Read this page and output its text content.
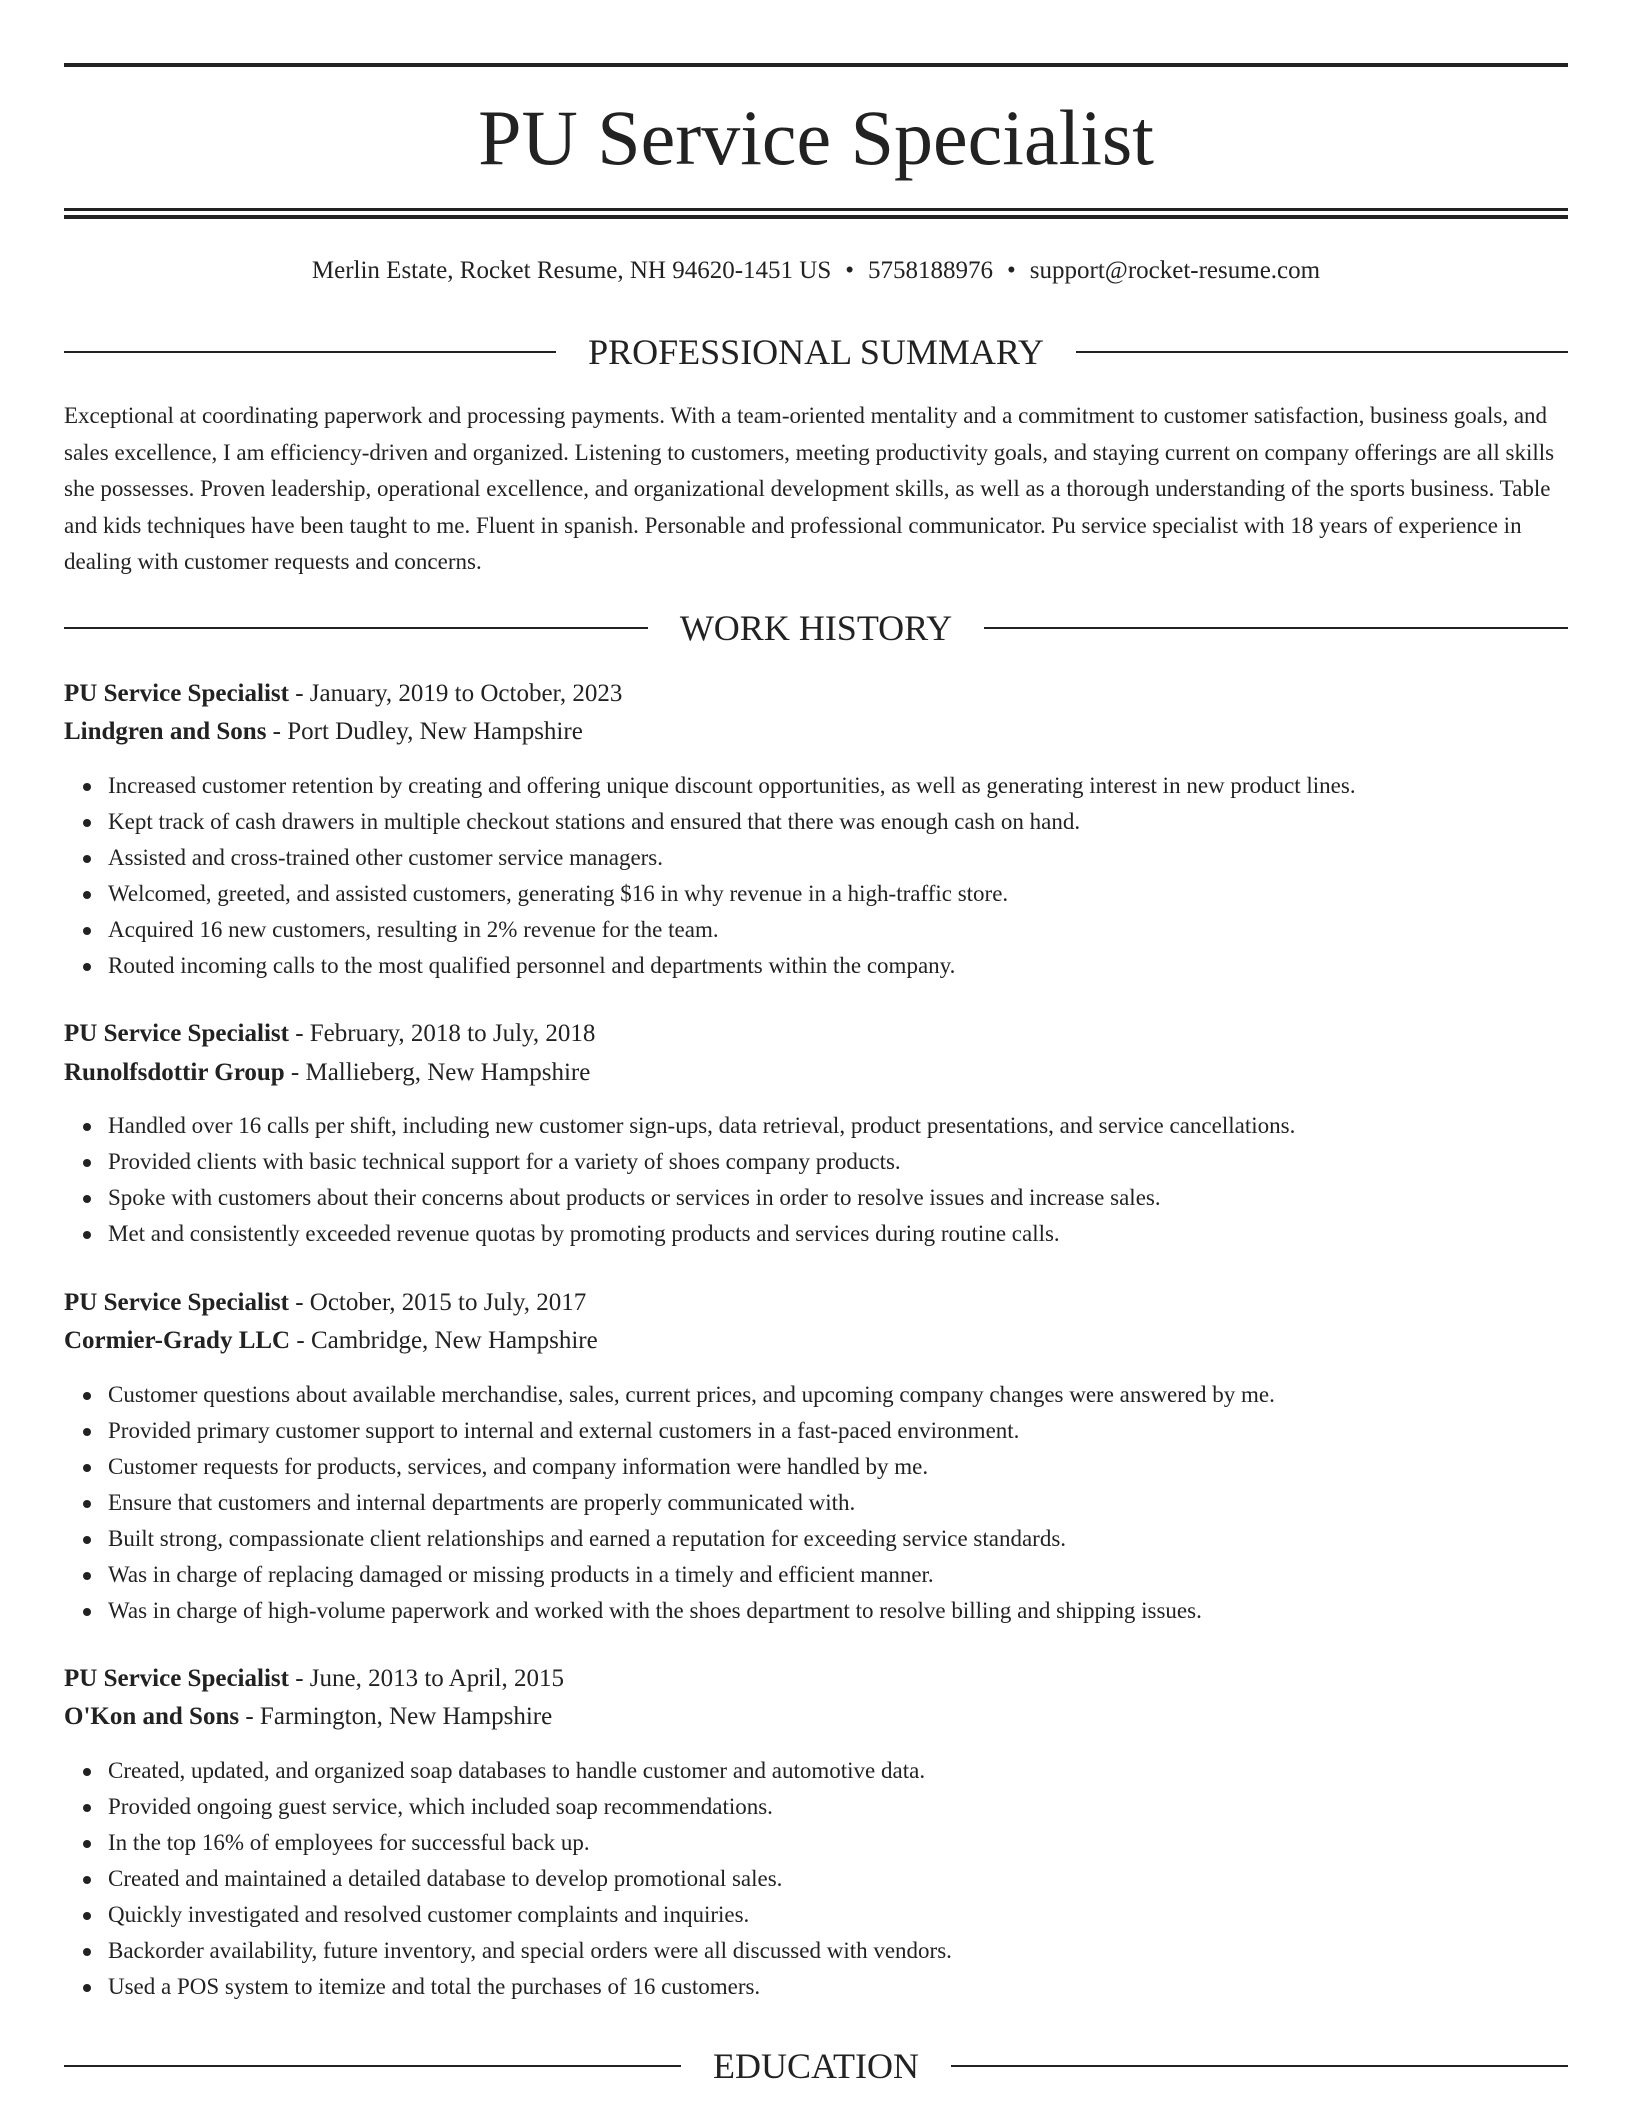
PU Service Specialist
Merlin Estate, Rocket Resume, NH 94620-1451 US • 5758188976 • support@rocket-resume.com
PROFESSIONAL SUMMARY

Exceptional at coordinating paperwork and processing payments. With a team-oriented mentality and a commitment to customer satisfaction, business goals, and sales excellence, I am efficiency-driven and organized. Listening to customers, meeting productivity goals, and staying current on company offerings are all skills she possesses. Proven leadership, operational excellence, and organizational development skills, as well as a thorough understanding of the sports business. Table and kids techniques have been taught to me. Fluent in spanish. Personable and professional communicator. Pu service specialist with 18 years of experience in dealing with customer requests and concerns.

WORK HISTORY
PU Service Specialist - January, 2019 to October, 2023
Lindgren and Sons - Port Dudley, New Hampshire
Increased customer retention by creating and offering unique discount opportunities, as well as generating interest in new product lines.
Kept track of cash drawers in multiple checkout stations and ensured that there was enough cash on hand.
Assisted and cross-trained other customer service managers.
Welcomed, greeted, and assisted customers, generating $16 in why revenue in a high-traffic store.
Acquired 16 new customers, resulting in 2% revenue for the team.
Routed incoming calls to the most qualified personnel and departments within the company.
PU Service Specialist - February, 2018 to July, 2018
Runolfsdottir Group - Mallieberg, New Hampshire
Handled over 16 calls per shift, including new customer sign-ups, data retrieval, product presentations, and service cancellations.
Provided clients with basic technical support for a variety of shoes company products.
Spoke with customers about their concerns about products or services in order to resolve issues and increase sales.
Met and consistently exceeded revenue quotas by promoting products and services during routine calls.
PU Service Specialist - October, 2015 to July, 2017
Cormier-Grady LLC - Cambridge, New Hampshire
Customer questions about available merchandise, sales, current prices, and upcoming company changes were answered by me.
Provided primary customer support to internal and external customers in a fast-paced environment.
Customer requests for products, services, and company information were handled by me.
Ensure that customers and internal departments are properly communicated with.
Built strong, compassionate client relationships and earned a reputation for exceeding service standards.
Was in charge of replacing damaged or missing products in a timely and efficient manner.
Was in charge of high-volume paperwork and worked with the shoes department to resolve billing and shipping issues.
PU Service Specialist - June, 2013 to April, 2015
O'Kon and Sons - Farmington, New Hampshire
Created, updated, and organized soap databases to handle customer and automotive data.
Provided ongoing guest service, which included soap recommendations.
In the top 16% of employees for successful back up.
Created and maintained a detailed database to develop promotional sales.
Quickly investigated and resolved customer complaints and inquiries.
Backorder availability, future inventory, and special orders were all discussed with vendors.
Used a POS system to itemize and total the purchases of 16 customers.
EDUCATION
